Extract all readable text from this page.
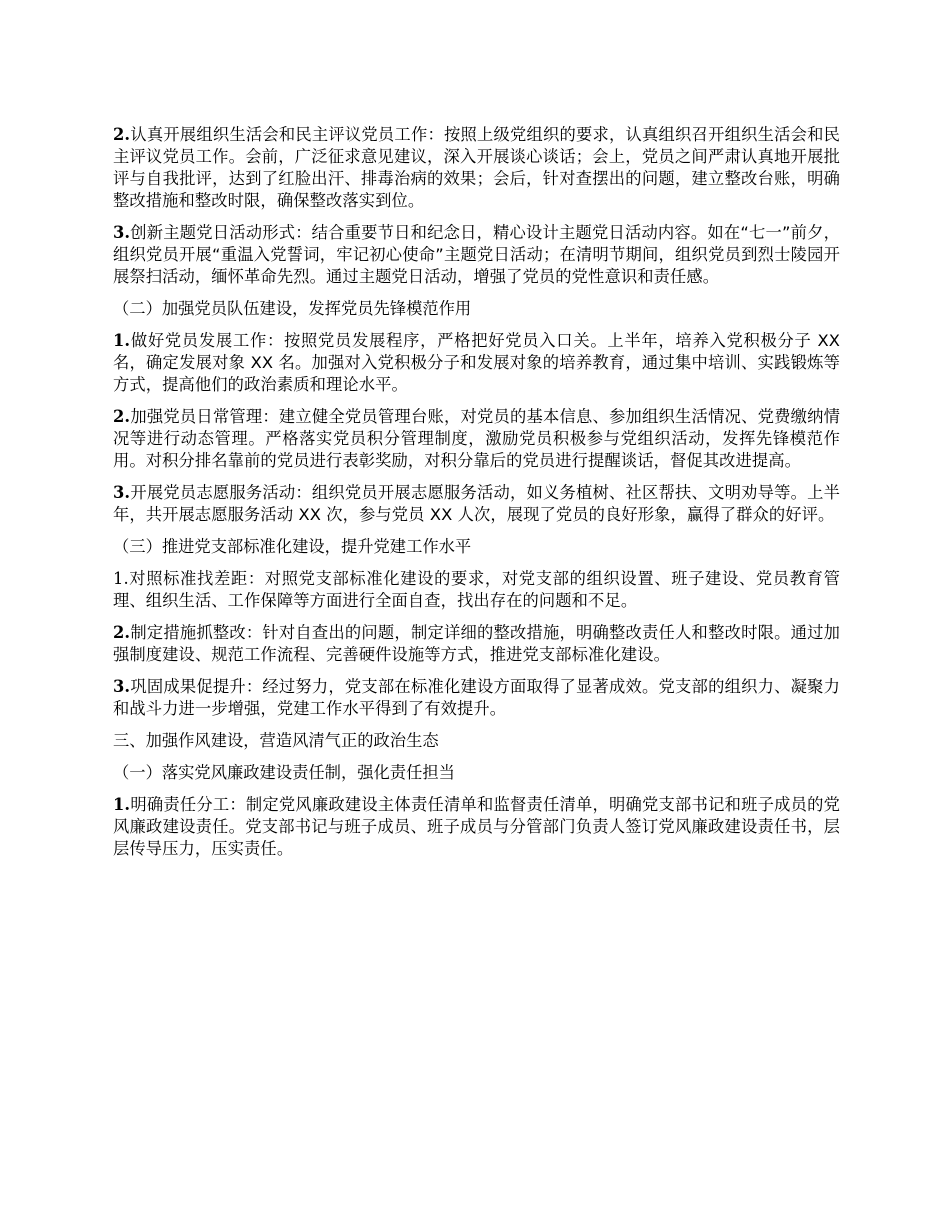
2.认真开展组织生活会和民主评议党员工作：按照上级党组织的要求，认真组织召开组织生活会和民主评议党员工作。会前，广泛征求意见建议，深入开展谈心谈话；会上，党员之间严肃认真地开展批评与自我批评，达到了红脸出汗、排毒治病的效果；会后，针对查摆出的问题，建立整改台账，明确整改措施和整改时限，确保整改落实到位。

3.创新主题党日活动形式：结合重要节日和纪念日，精心设计主题党日活动内容。如在“七一”前夕，组织党员开展“重温入党誓词，牢记初心使命”主题党日活动；在清明节期间，组织党员到烈士陵园开展祭扫活动，缅怀革命先烈。通过主题党日活动，增强了党员的党性意识和责任感。

（二）加强党员队伍建设，发挥党员先锋模范作用

1.做好党员发展工作：按照党员发展程序，严格把好党员入口关。上半年，培养入党积极分子 XX 名，确定发展对象 XX 名。加强对入党积极分子和发展对象的培养教育，通过集中培训、实践锻炼等方式，提高他们的政治素质和理论水平。

2.加强党员日常管理：建立健全党员管理台账，对党员的基本信息、参加组织生活情况、党费缴纳情况等进行动态管理。严格落实党员积分管理制度，激励党员积极参与党组织活动，发挥先锋模范作用。对积分排名靠前的党员进行表彰奖励，对积分靠后的党员进行提醒谈话，督促其改进提高。

3.开展党员志愿服务活动：组织党员开展志愿服务活动，如义务植树、社区帮扶、文明劝导等。上半年，共开展志愿服务活动 XX 次，参与党员 XX 人次，展现了党员的良好形象，赢得了群众的好评。

（三）推进党支部标准化建设，提升党建工作水平

1.对照标准找差距：对照党支部标准化建设的要求，对党支部的组织设置、班子建设、党员教育管理、组织生活、工作保障等方面进行全面自查，找出存在的问题和不足。

2.制定措施抓整改：针对自查出的问题，制定详细的整改措施，明确整改责任人和整改时限。通过加强制度建设、规范工作流程、完善硬件设施等方式，推进党支部标准化建设。

3.巩固成果促提升：经过努力，党支部在标准化建设方面取得了显著成效。党支部的组织力、凝聚力和战斗力进一步增强，党建工作水平得到了有效提升。

三、加强作风建设，营造风清气正的政治生态

（一）落实党风廉政建设责任制，强化责任担当

1.明确责任分工：制定党风廉政建设主体责任清单和监督责任清单，明确党支部书记和班子成员的党风廉政建设责任。党支部书记与班子成员、班子成员与分管部门负责人签订党风廉政建设责任书，层层传导压力，压实责任。
